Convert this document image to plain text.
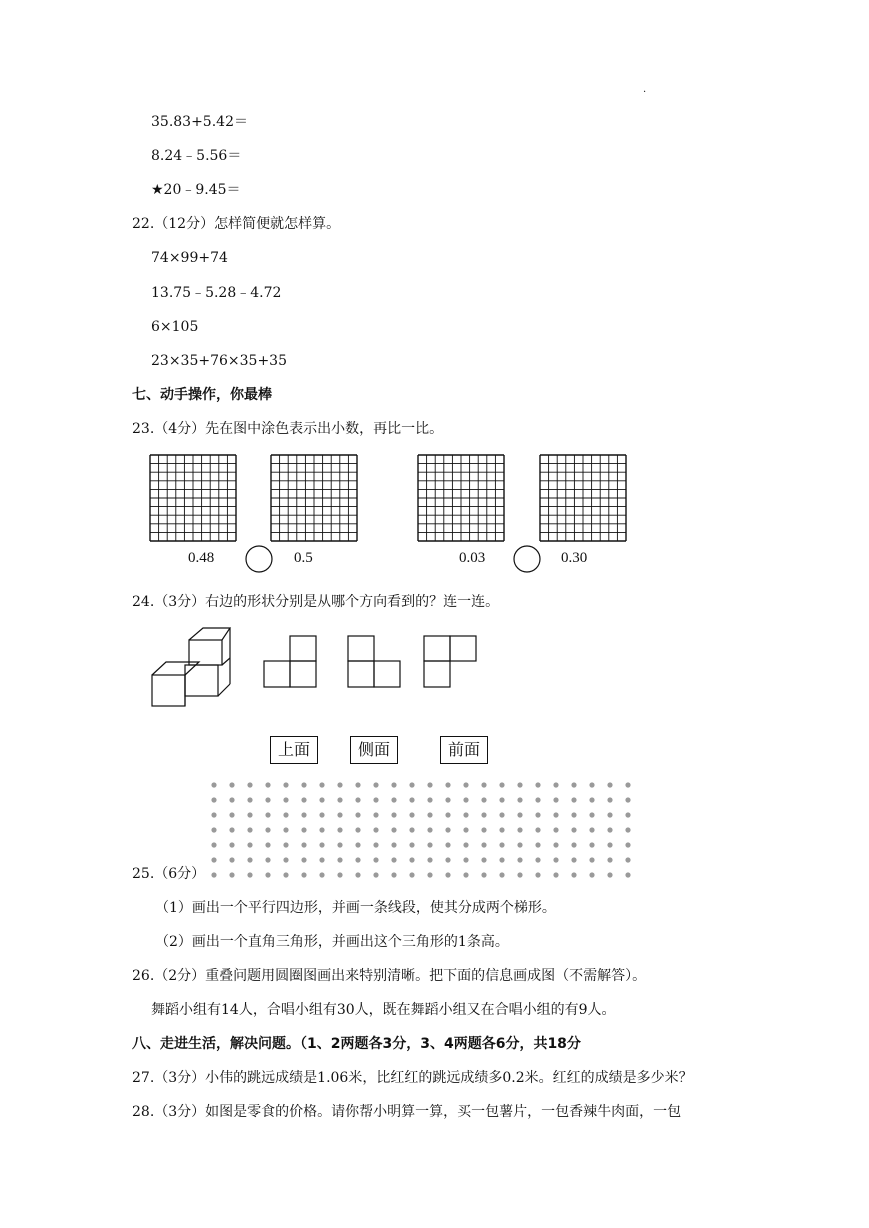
.
35.83+5.42＝
8.24﹣5.56＝
★20﹣9.45＝
22.（12分）怎样简便就怎样算。
74×99+74
13.75﹣5.28﹣4.72
6×105
23×35+76×35+35
七、动手操作，你最棒
23.（4分）先在图中涂色表示出小数，再比一比。
0.48	0.5	0.03	0.30
24.（3分）右边的形状分别是从哪个方向看到的？连一连。
上面	侧面	前面
25.（6分）
（1）画出一个平行四边形，并画一条线段，使其分成两个梯形。
（2）画出一个直角三角形，并画出这个三角形的1条高。
26.（2分）重叠问题用圆圈图画出来特别清晰。把下面的信息画成图（不需解答）。
舞蹈小组有14人，合唱小组有30人，既在舞蹈小组又在合唱小组的有9人。
八、走进生活，解决问题。（1、2两题各3分，3、4两题各6分，共18分
27.（3分）小伟的跳远成绩是1.06米，比红红的跳远成绩多0.2米。红红的成绩是多少米？
28.（3分）如图是零食的价格。请你帮小明算一算，买一包薯片，一包香辣牛肉面，一包
